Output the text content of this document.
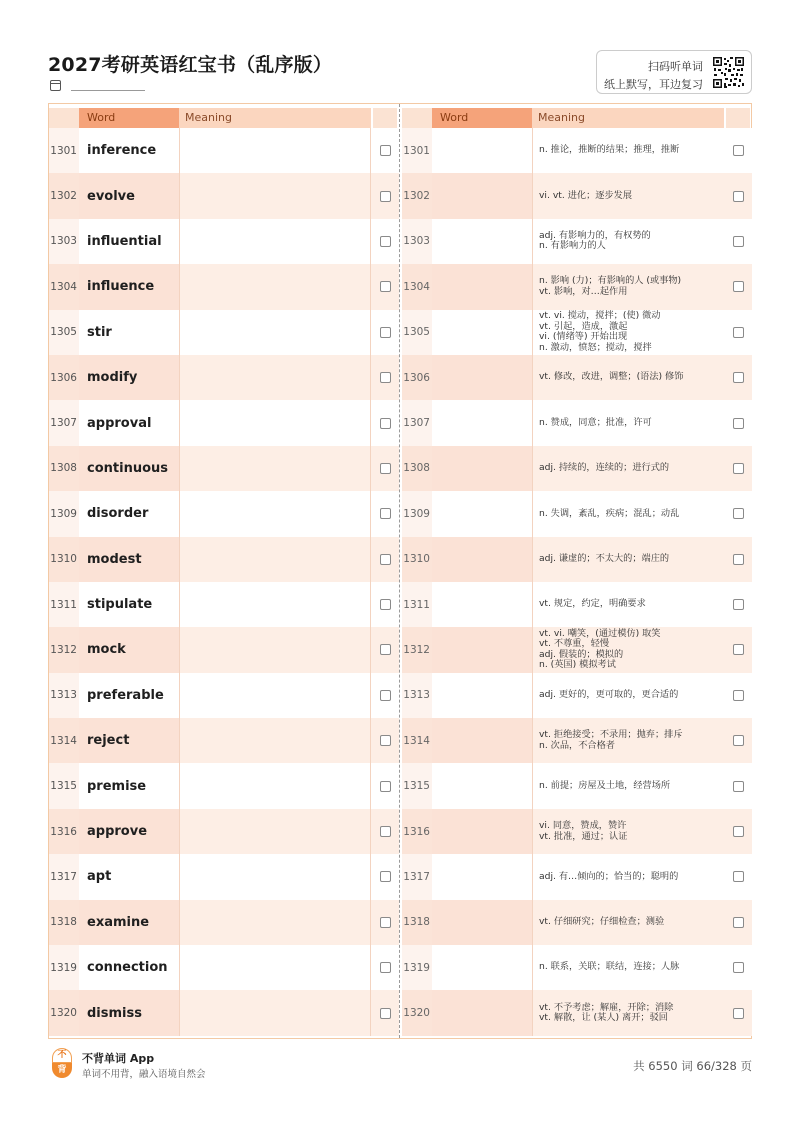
2027考研英语红宝书（乱序版）	扫码听单词
纸上默写，耳边复习
Word	Meaning
1301 inference
1302 evolve
1303 influential
1304 influence
1305 stir
1306 modify
1307 approval
1308 continuous
1309 disorder
1310 modest
1311 stipulate
1312 mock
1313 preferable
1314 reject
1315 premise
1316 approve
1317 apt
1318 examine
1319 connection
1320 dismiss
Word	Meaning
1301	n. 推论，推断的结果；推理，推断
1302	vi. vt. 进化；逐步发展
1303	adj. 有影响力的，有权势的
n. 有影响力的人
1304	n. 影响 (力)；有影响的人 (或事物)
vt. 影响，对…起作用
1305
vt. vi. 搅动，搅拌；(使) 微动
vt. 引起，造成，激起
vi. (情绪等) 开始出现
n. 激动，愤怒；搅动，搅拌
1306	vt. 修改，改进，调整；(语法) 修饰
1307	n. 赞成，同意；批准，许可
1308	adj. 持续的，连续的；进行式的
1309	n. 失调，紊乱，疾病；混乱；动乱
1310	adj. 谦虚的；不太大的；端庄的
1311	vt. 规定，约定，明确要求
1312
vt. vi. 嘲笑，(通过模仿) 取笑
vt. 不尊重，轻慢
adj. 假装的；模拟的
n. (英国) 模拟考试
1313	adj. 更好的，更可取的，更合适的
1314	vt. 拒绝接受；不录用；抛弃；排斥
n. 次品，不合格者
1315	n. 前提；房屋及土地，经营场所
1316	vi. 同意，赞成，赞许
vt. 批准，通过；认证
1317	adj. 有…倾向的；恰当的；聪明的
1318	vt. 仔细研究；仔细检查；测验
1319	n. 联系，关联；联结，连接；人脉
1320	vt. 不予考虑；解雇，开除；消除
vt. 解散，让 (某人) 离开；驳回
不
背
不背单词 App
单词不用背，融入语境自然会
共 6550 词 66/328 页
